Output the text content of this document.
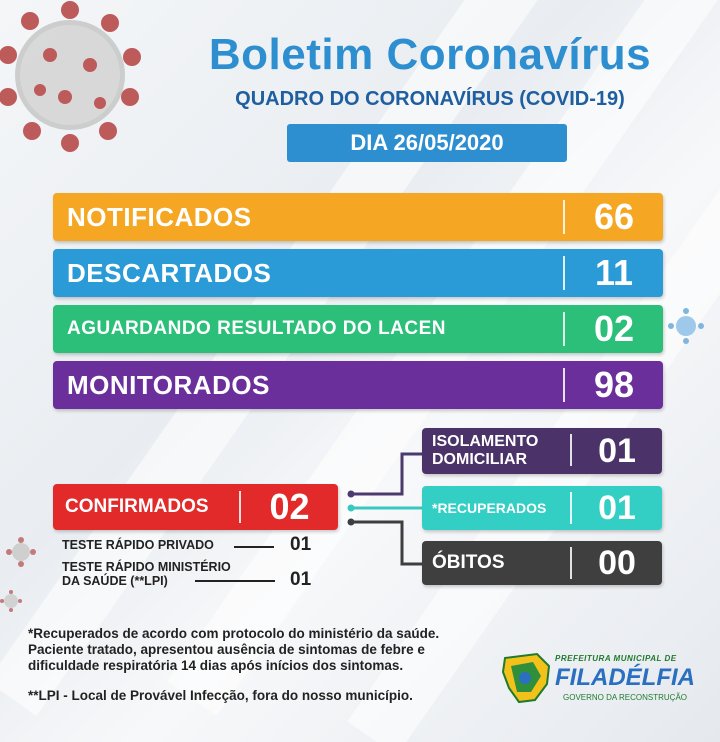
Boletim Coronavírus
QUADRO DO CORONAVÍRUS (COVID-19)
DIA 26/05/2020
NOTIFICADOS	66
DESCARTADOS	11
AGUARDANDO RESULTADO DO LACEN	02
MONITORADOS	98
CONFIRMADOS	02
ISOLAMENTO
DOMICILIAR	01
*RECUPERADOS	01
ÓBITOS	00
TESTE RÁPIDO PRIVADO	01
TESTE RÁPIDO MINISTÉRIO
DA SAÚDE (**LPI)	01
*Recuperados de acordo com protocolo do ministério da saúde.
Paciente tratado, apresentou ausência de sintomas de febre e
dificuldade respiratória 14 dias após inícios dos sintomas.
**LPI - Local de Provável Infecção, fora do nosso município.
PREFEITURA MUNICIPAL DE
FILADÉLFIA
GOVERNO DA RECONSTRUÇÃO
